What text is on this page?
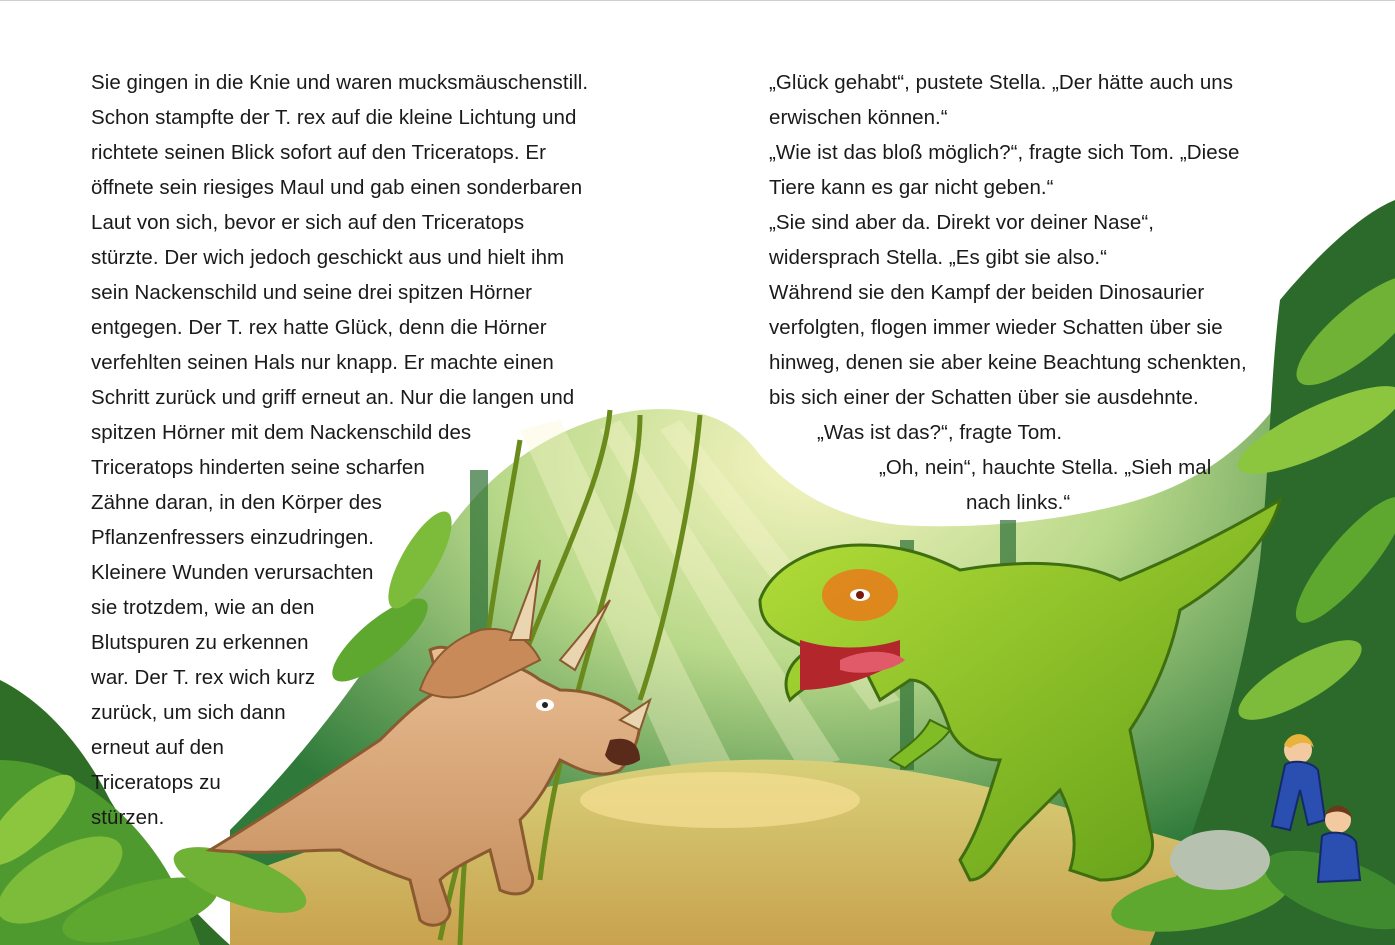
Sie gingen in die Knie und waren mucksmäuschenstill.
Schon stampfte der T. rex auf die kleine Lichtung und
richtete seinen Blick sofort auf den Triceratops. Er
öffnete sein riesiges Maul und gab einen sonderbaren
Laut von sich, bevor er sich auf den Triceratops
stürzte. Der wich jedoch geschickt aus und hielt ihm
sein Nackenschild und seine drei spitzen Hörner
entgegen. Der T. rex hatte Glück, denn die Hörner
verfehlten seinen Hals nur knapp. Er machte einen
Schritt zurück und griff erneut an. Nur die langen und
spitzen Hörner mit dem Nackenschild des
Triceratops hinderten seine scharfen
Zähne daran, in den Körper des
Pflanzenfressers einzudringen.
Kleinere Wunden verursachten
sie trotzdem, wie an den
Blutspuren zu erkennen
war. Der T. rex wich kurz
zurück, um sich dann
erneut auf den
Triceratops zu
stürzen.
„Glück gehabt“, pustete Stella. „Der hätte auch uns
erwischen können.“
„Wie ist das bloß möglich?“, fragte sich Tom. „Diese
Tiere kann es gar nicht geben.“
„Sie sind aber da. Direkt vor deiner Nase“,
widersprach Stella. „Es gibt sie also.“
Während sie den Kampf der beiden Dinosaurier
verfolgten, flogen immer wieder Schatten über sie
hinweg, denen sie aber keine Beachtung schenkten,
bis sich einer der Schatten über sie ausdehnte.
„Was ist das?“, fragte Tom.
„Oh, nein“, hauchte Stella. „Sieh mal
nach links.“
